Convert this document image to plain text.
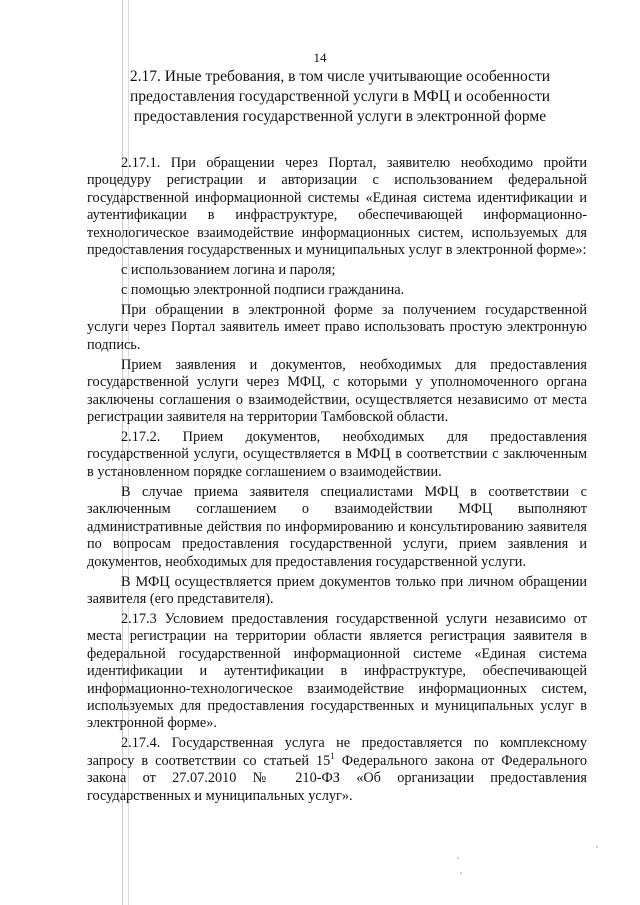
14
2.17. Иные требования, в том числе учитывающие особенности
предоставления государственной услуги в МФЦ и особенности
предоставления государственной услуги в электронной форме

2.17.1. При обращении через Портал, заявителю необходимо пройти процедуру регистрации и авторизации с использованием федеральной государственной информационной системы «Единая система идентификации и аутентификации в инфраструктуре, обеспечивающей информационно-технологическое взаимодействие информационных систем, используемых для предоставления государственных и муниципальных услуг в электронной форме»:

с использованием логина и пароля;

с помощью электронной подписи гражданина.

При обращении в электронной форме за получением государственной услуги через Портал заявитель имеет право использовать простую электронную подпись.

Прием заявления и документов, необходимых для предоставления государственной услуги через МФЦ, с которыми у уполномоченного органа заключены соглашения о взаимодействии, осуществляется независимо от места регистрации заявителя на территории Тамбовской области.

2.17.2. Прием документов, необходимых для предоставления государственной услуги, осуществляется в МФЦ в соответствии с заключенным в установленном порядке соглашением о взаимодействии.

В случае приема заявителя специалистами МФЦ в соответствии с заключенным соглашением о взаимодействии МФЦ выполняют административные действия по информированию и консультированию заявителя по вопросам предоставления государственной услуги, прием заявления и документов, необходимых для предоставления государственной услуги.

В МФЦ осуществляется прием документов только при личном обращении заявителя (его представителя).

2.17.3 Условием предоставления государственной услуги независимо от места регистрации на территории области является регистрация заявителя в федеральной государственной информационной системе «Единая система идентификации и аутентификации в инфраструктуре, обеспечивающей информационно-технологическое взаимодействие информационных систем, используемых для предоставления государственных и муниципальных услуг в электронной форме».

2.17.4. Государственная услуга не предоставляется по комплексному запросу в соответствии со статьей $15^1$ Федерального закона от Федерального закона от 27.07.2010 № 210-ФЗ «Об организации предоставления государственных и муниципальных услуг».
